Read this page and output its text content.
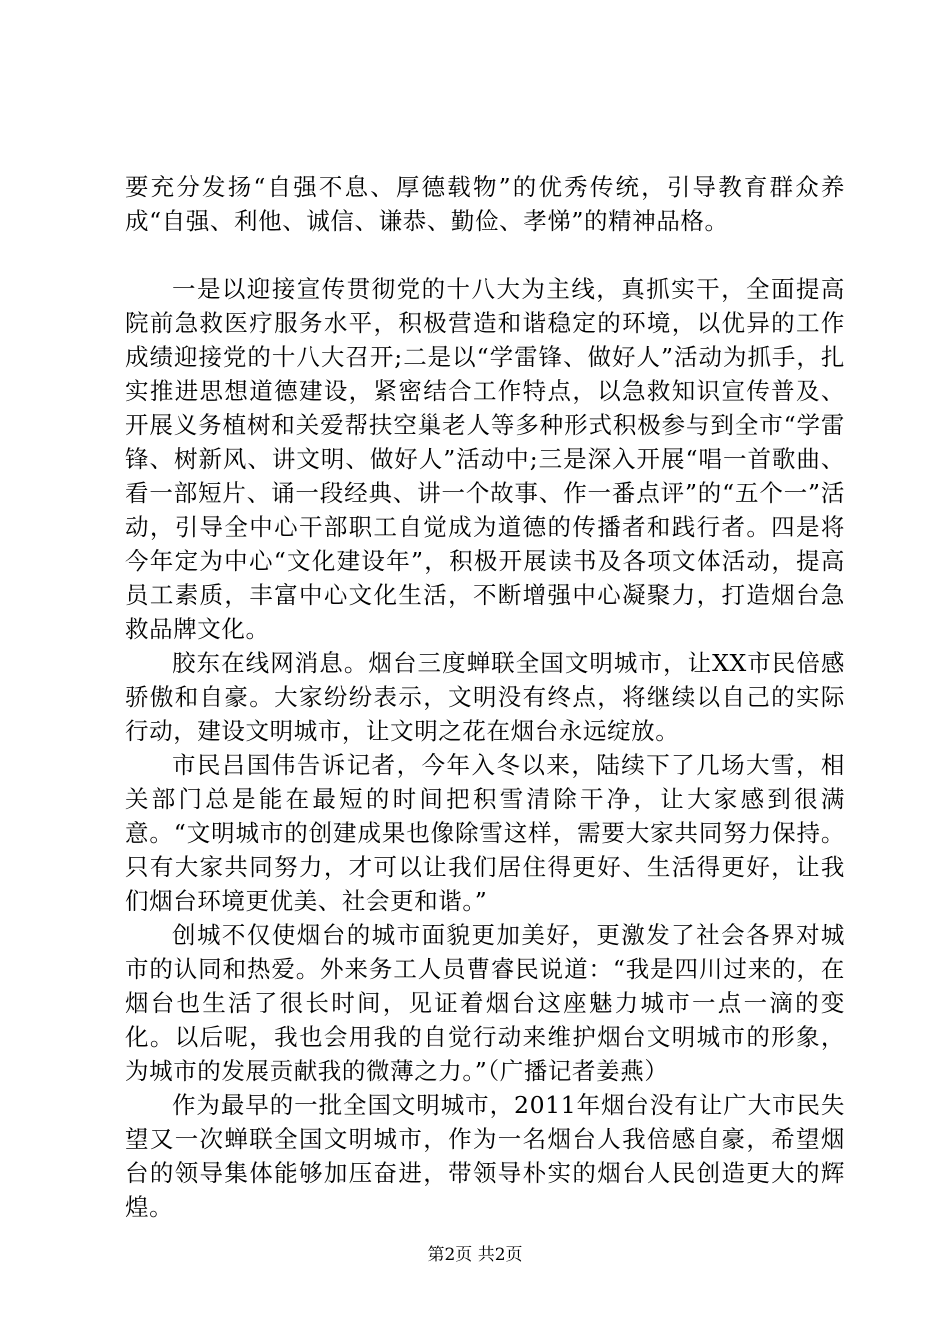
要充分发扬“自强不息、厚德载物”的优秀传统，引导教育群众养成“自强、利他、诚信、谦恭、勤俭、孝悌”的精神品格。

一是以迎接宣传贯彻党的十八大为主线，真抓实干，全面提高院前急救医疗服务水平，积极营造和谐稳定的环境，以优异的工作成绩迎接党的十八大召开;二是以“学雷锋、做好人”活动为抓手，扎实推进思想道德建设，紧密结合工作特点，以急救知识宣传普及、开展义务植树和关爱帮扶空巢老人等多种形式积极参与到全市“学雷锋、树新风、讲文明、做好人”活动中;三是深入开展“唱一首歌曲、看一部短片、诵一段经典、讲一个故事、作一番点评”的“五个一”活动，引导全中心干部职工自觉成为道德的传播者和践行者。四是将今年定为中心“文化建设年”，积极开展读书及各项文体活动，提高员工素质，丰富中心文化生活，不断增强中心凝聚力，打造烟台急救品牌文化。

胶东在线网消息。烟台三度蝉联全国文明城市，让XX市民倍感骄傲和自豪。大家纷纷表示，文明没有终点，将继续以自己的实际行动，建设文明城市，让文明之花在烟台永远绽放。

市民吕国伟告诉记者，今年入冬以来，陆续下了几场大雪，相关部门总是能在最短的时间把积雪清除干净，让大家感到很满意。“文明城市的创建成果也像除雪这样，需要大家共同努力保持。只有大家共同努力，才可以让我们居住得更好、生活得更好，让我们烟台环境更优美、社会更和谐。”

创城不仅使烟台的城市面貌更加美好，更激发了社会各界对城市的认同和热爱。外来务工人员曹睿民说道：“我是四川过来的，在烟台也生活了很长时间，见证着烟台这座魅力城市一点一滴的变化。以后呢，我也会用我的自觉行动来维护烟台文明城市的形象，为城市的发展贡献我的微薄之力。”（广播记者姜燕）

作为最早的一批全国文明城市，2011年烟台没有让广大市民失望又一次蝉联全国文明城市，作为一名烟台人我倍感自豪，希望烟台的领导集体能够加压奋进，带领导朴实的烟台人民创造更大的辉煌。

第2页 共2页
